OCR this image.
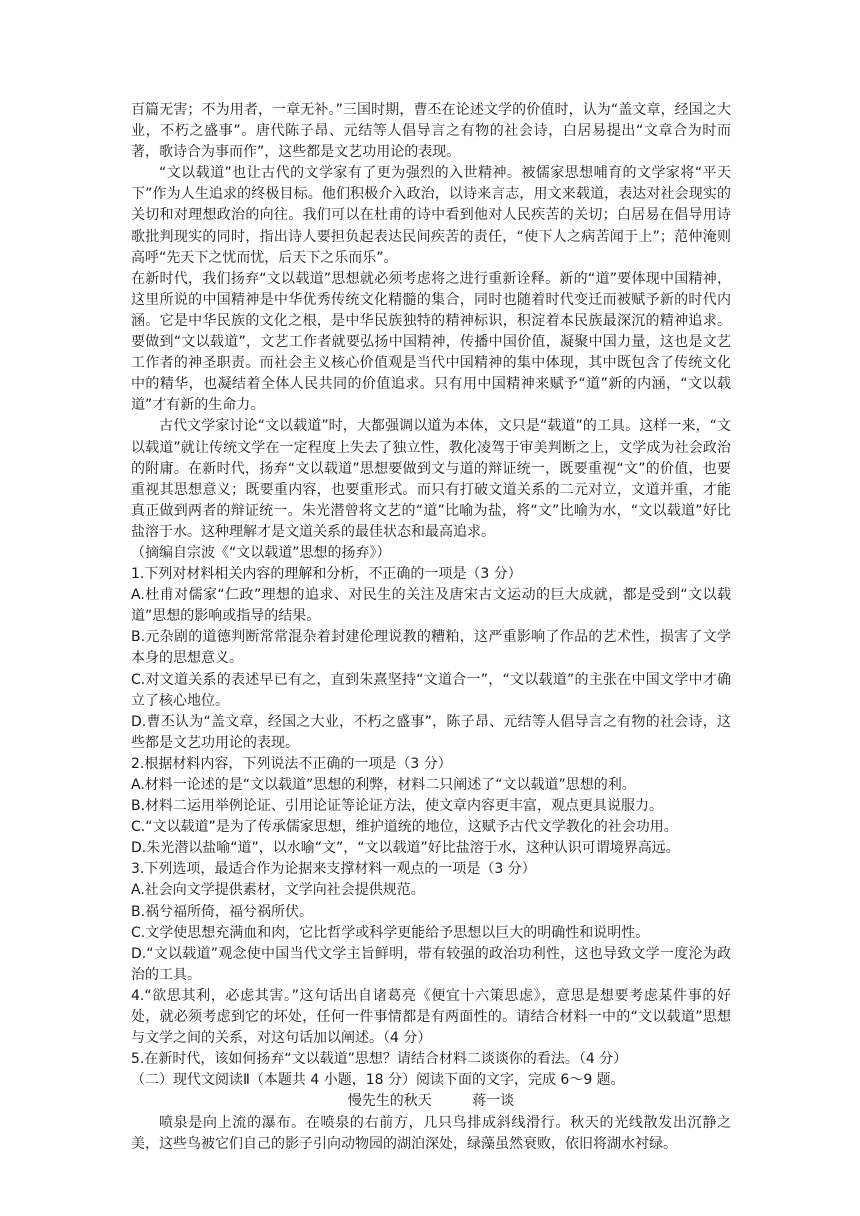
百篇无害；不为用者，一章无补。”三国时期，曹丕在论述文学的价值时，认为“盖文章，经国之大业，不朽之盛事”。唐代陈子昂、元结等人倡导言之有物的社会诗，白居易提出“文章合为时而著，歌诗合为事而作”，这些都是文艺功用论的表现。

“文以载道”也让古代的文学家有了更为强烈的入世精神。被儒家思想哺育的文学家将“平天下”作为人生追求的终极目标。他们积极介入政治，以诗来言志，用文来载道，表达对社会现实的关切和对理想政治的向往。我们可以在杜甫的诗中看到他对人民疾苦的关切；白居易在倡导用诗歌批判现实的同时，指出诗人要担负起表达民间疾苦的责任，“使下人之病苦闻于上”；范仲淹则高呼“先天下之忧而忧，后天下之乐而乐”。

在新时代，我们扬弃“文以载道”思想就必须考虑将之进行重新诠释。新的“道”要体现中国精神，这里所说的中国精神是中华优秀传统文化精髓的集合，同时也随着时代变迁而被赋予新的时代内涵。它是中华民族的文化之根，是中华民族独特的精神标识，积淀着本民族最深沉的精神追求。要做到“文以载道”，文艺工作者就要弘扬中国精神，传播中国价值，凝聚中国力量，这也是文艺工作者的神圣职责。而社会主义核心价值观是当代中国精神的集中体现，其中既包含了传统文化中的精华，也凝结着全体人民共同的价值追求。只有用中国精神来赋予“道”新的内涵，“文以载道”才有新的生命力。

古代文学家讨论“文以载道”时，大都强调以道为本体，文只是“载道”的工具。这样一来，“文以载道”就让传统文学在一定程度上失去了独立性，教化凌驾于审美判断之上，文学成为社会政治的附庸。在新时代，扬弃“文以载道”思想要做到文与道的辩证统一，既要重视“文”的价值，也要重视其思想意义；既要重内容，也要重形式。而只有打破文道关系的二元对立，文道并重，才能真正做到两者的辩证统一。朱光潜曾将文艺的“道”比喻为盐，将“文”比喻为水，“文以载道”好比盐溶于水。这种理解才是文道关系的最佳状态和最高追求。

（摘编自宗波《“文以载道”思想的扬弃》）

1.下列对材料相关内容的理解和分析，不正确的一项是（3 分）

A.杜甫对儒家“仁政”理想的追求、对民生的关注及唐宋古文运动的巨大成就，都是受到“文以载道”思想的影响或指导的结果。

B.元杂剧的道德判断常常混杂着封建伦理说教的糟粕，这严重影响了作品的艺术性，损害了文学本身的思想意义。

C.对文道关系的表述早已有之，直到朱熹坚持“文道合一”，“文以载道”的主张在中国文学中才确立了核心地位。

D.曹丕认为“盖文章，经国之大业，不朽之盛事”，陈子昂、元结等人倡导言之有物的社会诗，这些都是文艺功用论的表现。

2.根据材料内容，下列说法不正确的一项是（3 分）

A.材料一论述的是“文以载道”思想的利弊，材料二只阐述了“文以载道”思想的利。

B.材料二运用举例论证、引用论证等论证方法，使文章内容更丰富，观点更具说服力。

C.“文以载道”是为了传承儒家思想，维护道统的地位，这赋予古代文学教化的社会功用。

D.朱光潜以盐喻“道”，以水喻“文”，“文以载道”好比盐溶于水，这种认识可谓境界高远。

3.下列选项，最适合作为论据来支撑材料一观点的一项是（3 分）

A.社会向文学提供素材，文学向社会提供规范。

B.祸兮福所倚，福兮祸所伏。

C.文学使思想充满血和肉，它比哲学或科学更能给予思想以巨大的明确性和说明性。

D.“文以载道”观念使中国当代文学主旨鲜明，带有较强的政治功利性，这也导致文学一度沦为政治的工具。

4.“欲思其利，必虑其害。”这句话出自诸葛亮《便宜十六策思虑》，意思是想要考虑某件事的好处，就必须考虑到它的坏处，任何一件事情都是有两面性的。请结合材料一中的“文以载道”思想与文学之间的关系，对这句话加以阐述。（4 分）

5.在新时代，该如何扬弃“文以载道”思想？请结合材料二谈谈你的看法。（4 分）

（二）现代文阅读Ⅱ（本题共 4 小题，18 分）阅读下面的文字，完成 6～9 题。

慢先生的秋天	蒋一谈

喷泉是向上流的瀑布。在喷泉的右前方，几只鸟排成斜线滑行。秋天的光线散发出沉静之美，这些鸟被它们自己的影子引向动物园的湖泊深处，绿藻虽然衰败，依旧将湖水衬绿。
